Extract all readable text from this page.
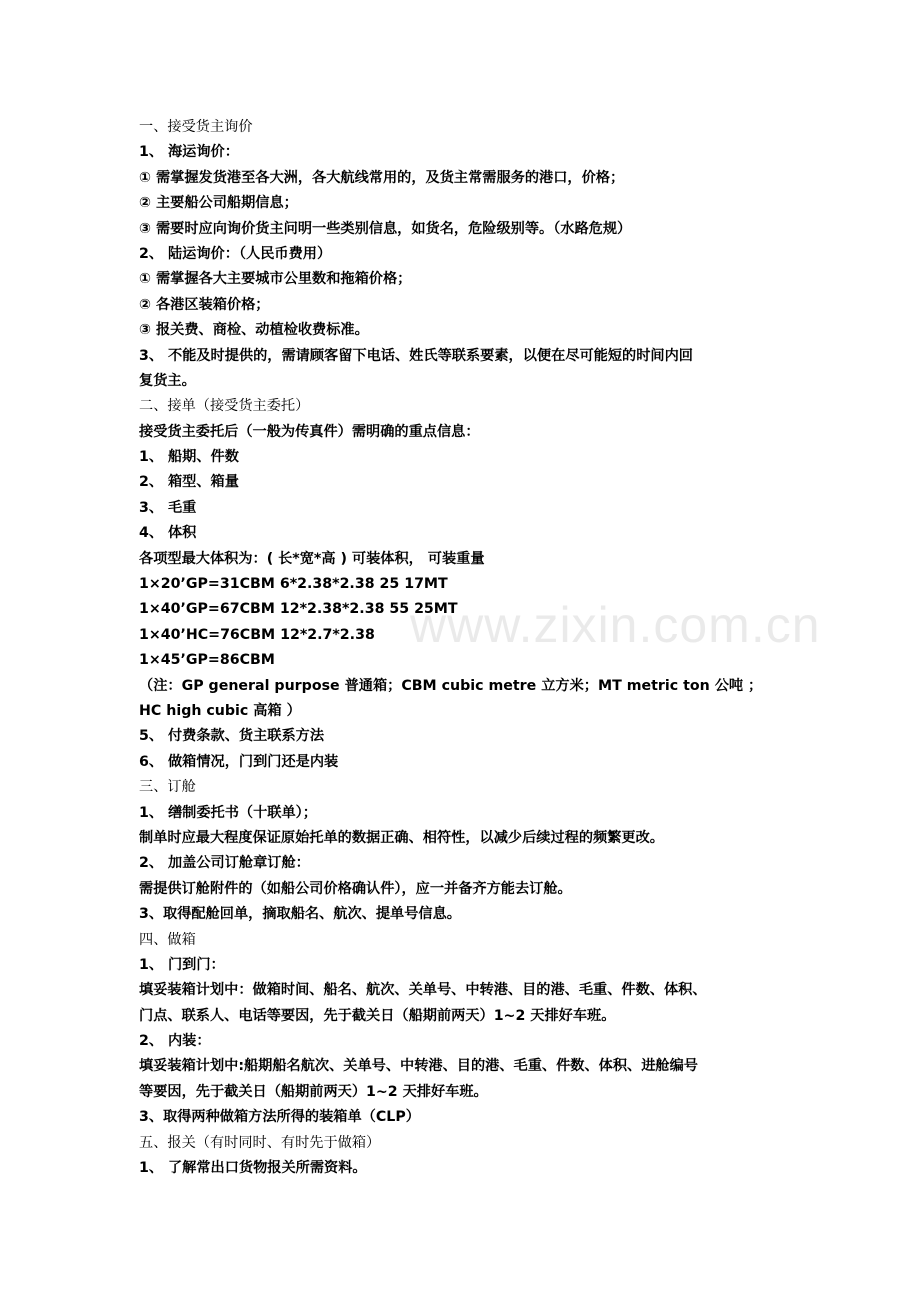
www.zixin.com.cn
一、接受货主询价
1、 海运询价：
① 需掌握发货港至各大洲，各大航线常用的，及货主常需服务的港口，价格；
② 主要船公司船期信息；
③ 需要时应向询价货主问明一些类别信息，如货名，危险级别等。（水路危规）
2、 陆运询价：（人民币费用）
① 需掌握各大主要城市公里数和拖箱价格；
② 各港区装箱价格；
③ 报关费、商检、动植检收费标准。
3、 不能及时提供的，需请顾客留下电话、姓氏等联系要素，以便在尽可能短的时间内回
复货主。
二、接单（接受货主委托）
接受货主委托后（一般为传真件）需明确的重点信息：
1、 船期、件数
2、 箱型、箱量
3、 毛重
4、 体积
各项型最大体积为：( 长*宽*高 ) 可装体积， 可装重量
1×20’GP=31CBM 6*2.38*2.38 25 17MT
1×40’GP=67CBM 12*2.38*2.38 55 25MT
1×40’HC=76CBM 12*2.7*2.38
1×45’GP=86CBM
（注：GP general purpose 普通箱；CBM cubic metre 立方米；MT metric ton 公吨 ；
HC high cubic 高箱 ）
5、 付费条款、货主联系方法
6、 做箱情况，门到门还是内装
三、订舱
1、 缮制委托书（十联单）；
制单时应最大程度保证原始托单的数据正确、相符性，以减少后续过程的频繁更改。
2、 加盖公司订舱章订舱：
需提供订舱附件的（如船公司价格确认件），应一并备齐方能去订舱。
3、取得配舱回单，摘取船名、航次、提单号信息。
四、做箱
1、 门到门：
填妥装箱计划中：做箱时间、船名、航次、关单号、中转港、目的港、毛重、件数、体积、
门点、联系人、电话等要因，先于截关日（船期前两天）1~2 天排好车班。
2、 内装：
填妥装箱计划中:船期船名航次、关单号、中转港、目的港、毛重、件数、体积、进舱编号
等要因，先于截关日（船期前两天）1~2 天排好车班。
3、取得两种做箱方法所得的装箱单（CLP）
五、报关（有时同时、有时先于做箱）
1、 了解常出口货物报关所需资料。
